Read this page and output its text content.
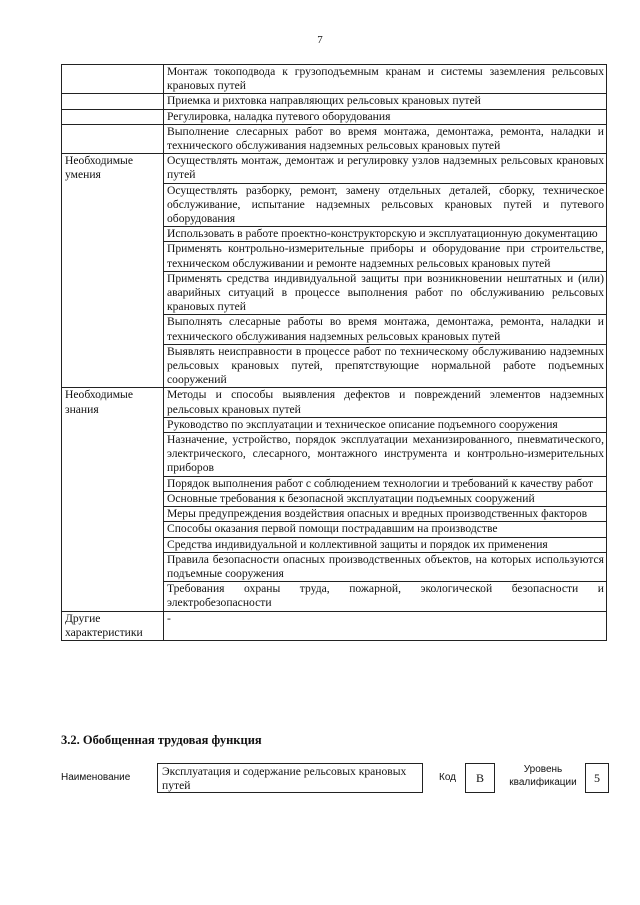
7
	Монтаж токоподвода к грузоподъемным кранам и системы заземления рельсовых крановых путей
	Приемка и рихтовка направляющих рельсовых крановых путей
	Регулировка, наладка путевого оборудования
	Выполнение слесарных работ во время монтажа, демонтажа, ремонта, наладки и технического обслуживания надземных рельсовых крановых путей
Необходимые умения	Осуществлять монтаж, демонтаж и регулировку узлов надземных рельсовых крановых путей
	Осуществлять разборку, ремонт, замену отдельных деталей, сборку, техническое обслуживание, испытание надземных рельсовых крановых путей и путевого оборудования
	Использовать в работе проектно-конструкторскую и эксплуатационную документацию
	Применять контрольно-измерительные приборы и оборудование при строительстве, техническом обслуживании и ремонте надземных рельсовых крановых путей
	Применять средства индивидуальной защиты при возникновении нештатных и (или) аварийных ситуаций в процессе выполнения работ по обслуживанию рельсовых крановых путей
	Выполнять слесарные работы во время монтажа, демонтажа, ремонта, наладки и технического обслуживания надземных рельсовых крановых путей
	Выявлять неисправности в процессе работ по техническому обслуживанию надземных рельсовых крановых путей, препятствующие нормальной работе подъемных сооружений
Необходимые знания	Методы и способы выявления дефектов и повреждений элементов надземных рельсовых крановых путей
	Руководство по эксплуатации и техническое описание подъемного сооружения
	Назначение, устройство, порядок эксплуатации механизированного, пневматического, электрического, слесарного, монтажного инструмента и контрольно-измерительных приборов
	Порядок выполнения работ с соблюдением технологии и требований к качеству работ
	Основные требования к безопасной эксплуатации подъемных сооружений
	Меры предупреждения воздействия опасных и вредных производственных факторов
	Способы оказания первой помощи пострадавшим на производстве
	Средства индивидуальной и коллективной защиты и порядок их применения
	Правила безопасности опасных производственных объектов, на которых используются подъемные сооружения
	Требования охраны труда, пожарной, экологической безопасности и электробезопасности
Другие характеристики	-
3.2. Обобщенная трудовая функция
Наименование	Эксплуатация и содержание рельсовых крановых путей
Код	B
Уровень квалификации	5
